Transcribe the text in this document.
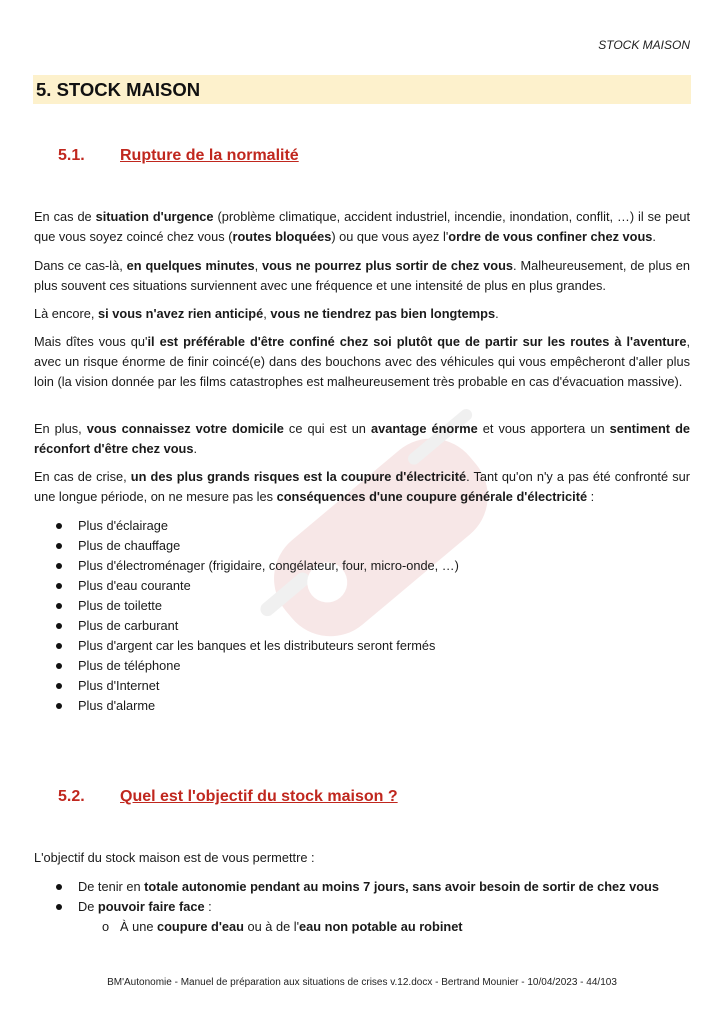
STOCK MAISON
5. STOCK MAISON
5.1. Rupture de la normalité

En cas de situation d'urgence (problème climatique, accident industriel, incendie, inondation, conflit, …) il se peut que vous soyez coincé chez vous (routes bloquées) ou que vous ayez l'ordre de vous confiner chez vous.

Dans ce cas-là, en quelques minutes, vous ne pourrez plus sortir de chez vous. Malheureusement, de plus en plus souvent ces situations surviennent avec une fréquence et une intensité de plus en plus grandes.

Là encore, si vous n'avez rien anticipé, vous ne tiendrez pas bien longtemps.

Mais dîtes vous qu'il est préférable d'être confiné chez soi plutôt que de partir sur les routes à l'aventure, avec un risque énorme de finir coincé(e) dans des bouchons avec des véhicules qui vous empêcheront d'aller plus loin (la vision donnée par les films catastrophes est malheureusement très probable en cas d'évacuation massive).

En plus, vous connaissez votre domicile ce qui est un avantage énorme et vous apportera un sentiment de réconfort d'être chez vous.

En cas de crise, un des plus grands risques est la coupure d'électricité. Tant qu'on n'y a pas été confronté sur une longue période, on ne mesure pas les conséquences d'une coupure générale d'électricité :

Plus d'éclairage
Plus de chauffage
Plus d'électroménager (frigidaire, congélateur, four, micro-onde, …)
Plus d'eau courante
Plus de toilette
Plus de carburant
Plus d'argent car les banques et les distributeurs seront fermés
Plus de téléphone
Plus d'Internet
Plus d'alarme
5.2. Quel est l'objectif du stock maison ?

L'objectif du stock maison est de vous permettre :

De tenir en totale autonomie pendant au moins 7 jours, sans avoir besoin de sortir de chez vous
De pouvoir faire face :
o À une coupure d'eau ou à de l'eau non potable au robinet
BM'Autonomie - Manuel de préparation aux situations de crises v.12.docx - Bertrand Mounier - 10/04/2023 - 44/103
